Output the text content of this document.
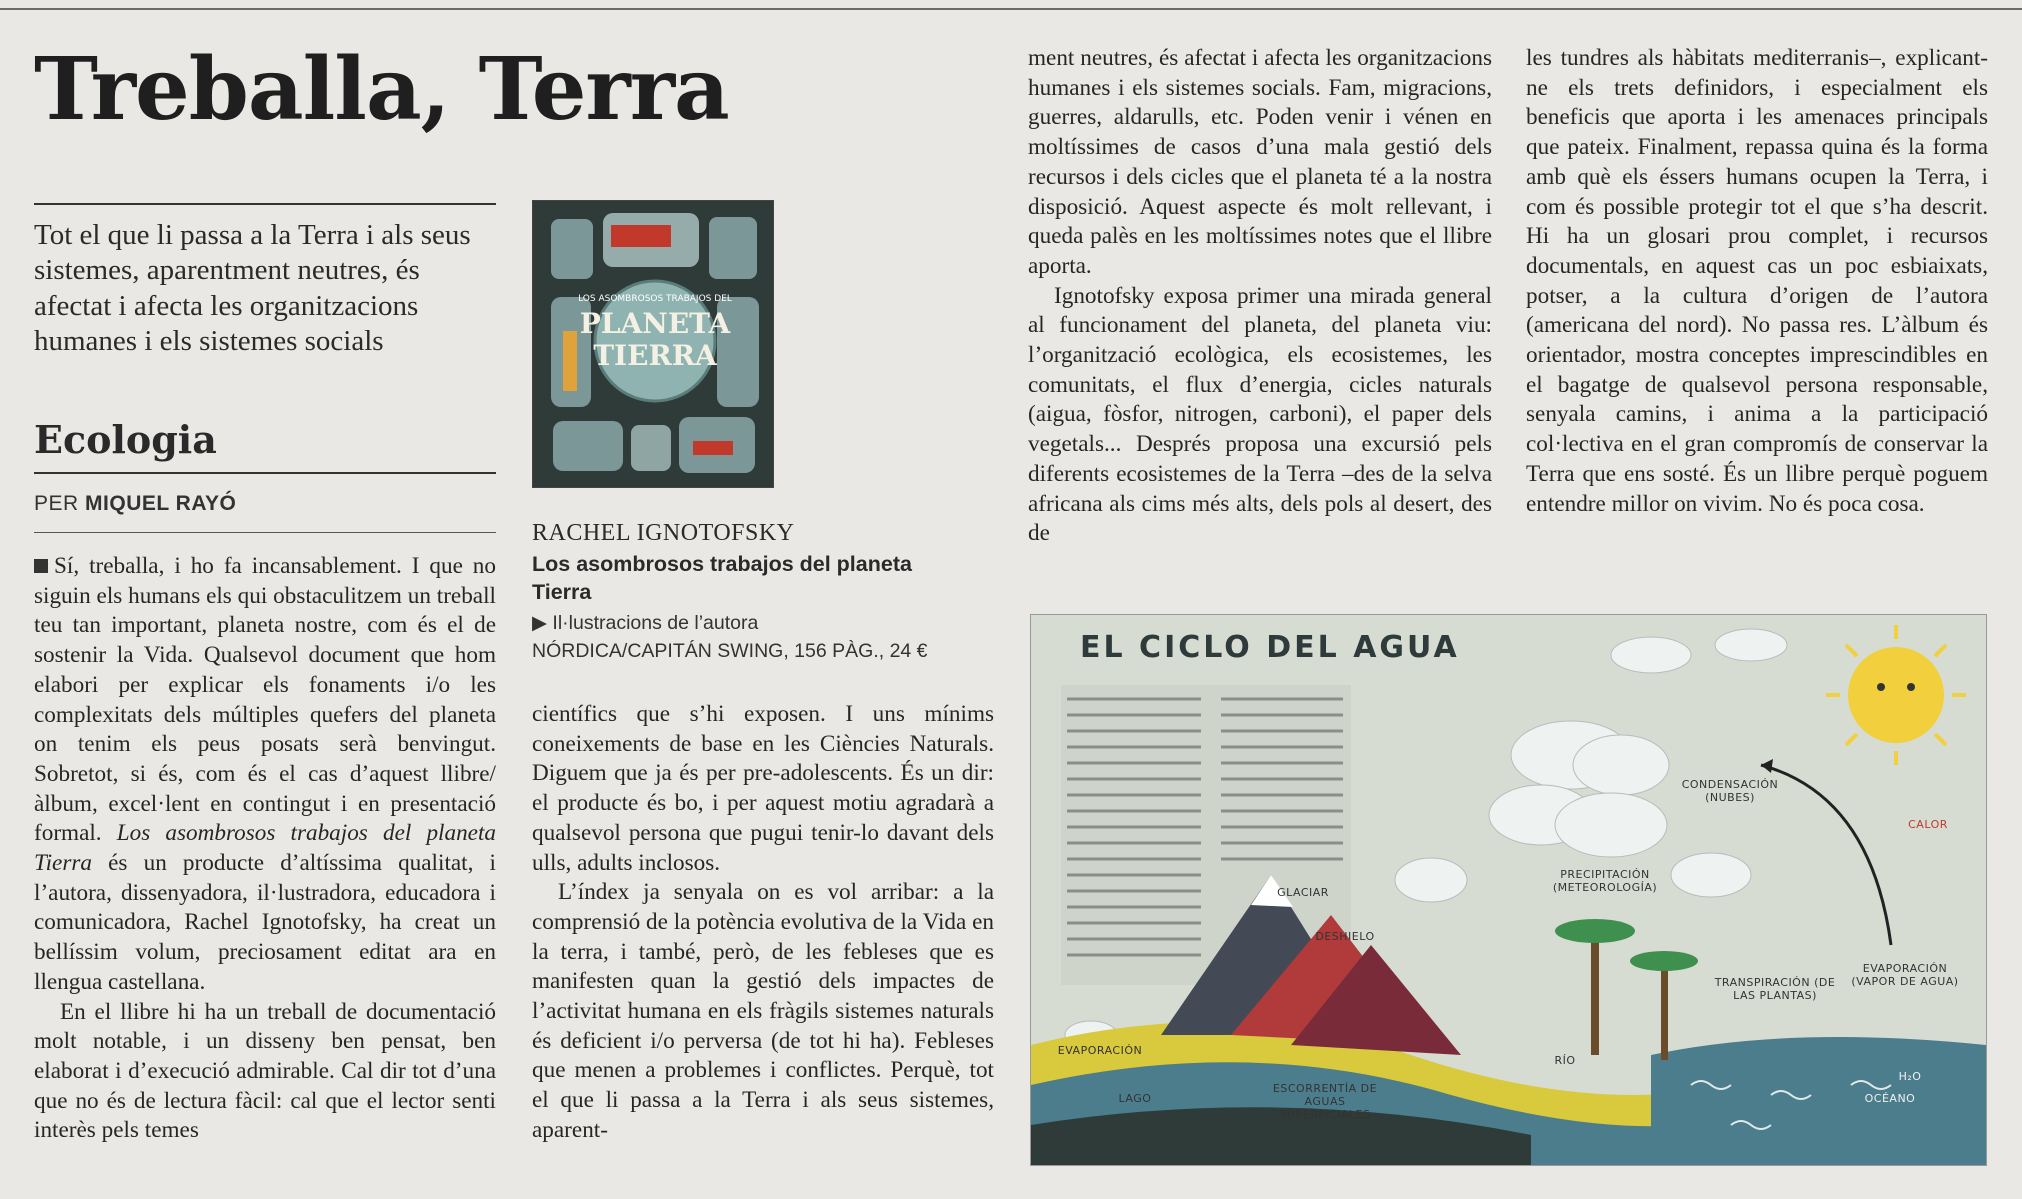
Treballa, Terra

Tot el que li passa a la Terra i als seus sistemes, aparentment neutres, és afectat i afecta les organitzacions humanes i els sistemes socials

Ecologia
PER MIQUEL RAYÓ

Sí, treballa, i ho fa incansablement. I que no siguin els humans els qui obstaculitzem un treball teu tan important, planeta nostre, com és el de sostenir la Vida. Qualsevol document que hom elabori per explicar els fonaments i/o les complexitats dels múltiples quefers del planeta on tenim els peus posats serà benvingut. Sobretot, si és, com és el cas d’aquest llibre/àlbum, excel·lent en contingut i en presentació formal. Los asombrosos trabajos del planeta Tierra és un producte d’altíssima qualitat, i l’autora, dissenyadora, il·lustradora, educadora i comunicadora, Rachel Ignotofsky, ha creat un bellíssim volum, preciosament editat ara en llengua castellana.

En el llibre hi ha un treball de documentació molt notable, i un disseny ben pensat, ben elaborat i d’execució admirable. Cal dir tot d’una que no és de lectura fàcil: cal que el lector senti interès pels temes

LOS ASOMBROSOS TRABAJOS DEL
PLANETA
TIERRA
RACHEL IGNOTOFSKY
Los asombrosos trabajos del planeta Tierra
▶ Il·lustracions de l’autora
NÓRDICA/CAPITÁN SWING, 156 PÀG., 24 €

científics que s’hi exposen. I uns mínims coneixements de base en les Ciències Naturals. Diguem que ja és per pre-adolescents. És un dir: el producte és bo, i per aquest motiu agradarà a qualsevol persona que pugui tenir-lo davant dels ulls, adults inclosos.

L’índex ja senyala on es vol arribar: a la comprensió de la potència evolutiva de la Vida en la terra, i també, però, de les febleses que es manifesten quan la gestió dels impactes de l’activitat humana en els fràgils sistemes naturals és deficient i/o perversa (de tot hi ha). Febleses que menen a problemes i conflictes. Perquè, tot el que li passa a la Terra i als seus sistemes, aparent-

ment neutres, és afectat i afecta les organitzacions humanes i els sistemes socials. Fam, migracions, guerres, aldarulls, etc. Poden venir i vénen en moltíssimes de casos d’una mala gestió dels recursos i dels cicles que el planeta té a la nostra disposició. Aquest aspecte és molt rellevant, i queda palès en les moltíssimes notes que el llibre aporta.

Ignotofsky exposa primer una mirada general al funcionament del planeta, del planeta viu: l’organització ecològica, els ecosistemes, les comunitats, el flux d’energia, cicles naturals (aigua, fòsfor, nitrogen, carboni), el paper dels vegetals... Després proposa una excursió pels diferents ecosistemes de la Terra –des de la selva africana als cims més alts, dels pols al desert, des de

les tundres als hàbitats mediterranis–, explicant-ne els trets definidors, i especialment els beneficis que aporta i les amenaces principals que pateix. Finalment, repassa quina és la forma amb què els éssers humans ocupen la Terra, i com és possible protegir tot el que s’ha descrit. Hi ha un glosari prou complet, i recursos documentals, en aquest cas un poc esbiaixats, potser, a la cultura d’origen de l’autora (americana del nord). No passa res. L’àlbum és orientador, mostra conceptes imprescindibles en el bagatge de qualsevol persona responsable, senyala camins, i anima a la participació col·lectiva en el gran compromís de conservar la Terra que ens sosté. És un llibre perquè poguem entendre millor on vivim. No és poca cosa.

EL CICLO DEL AGUA
CONDENSACIÓN (NUBES)
PRECIPITACIÓN (METEOROLOGÍA)
CALOR
GLACIAR
DESHIELO
EVAPORACIÓN
TRANSPIRACIÓN (DE LAS PLANTAS)
EVAPORACIÓN (VAPOR DE AGUA)
LAGO
ESCORRENTÍA DE AGUAS SUPERFICIALES
RÍO
OCÉANO
H₂O
